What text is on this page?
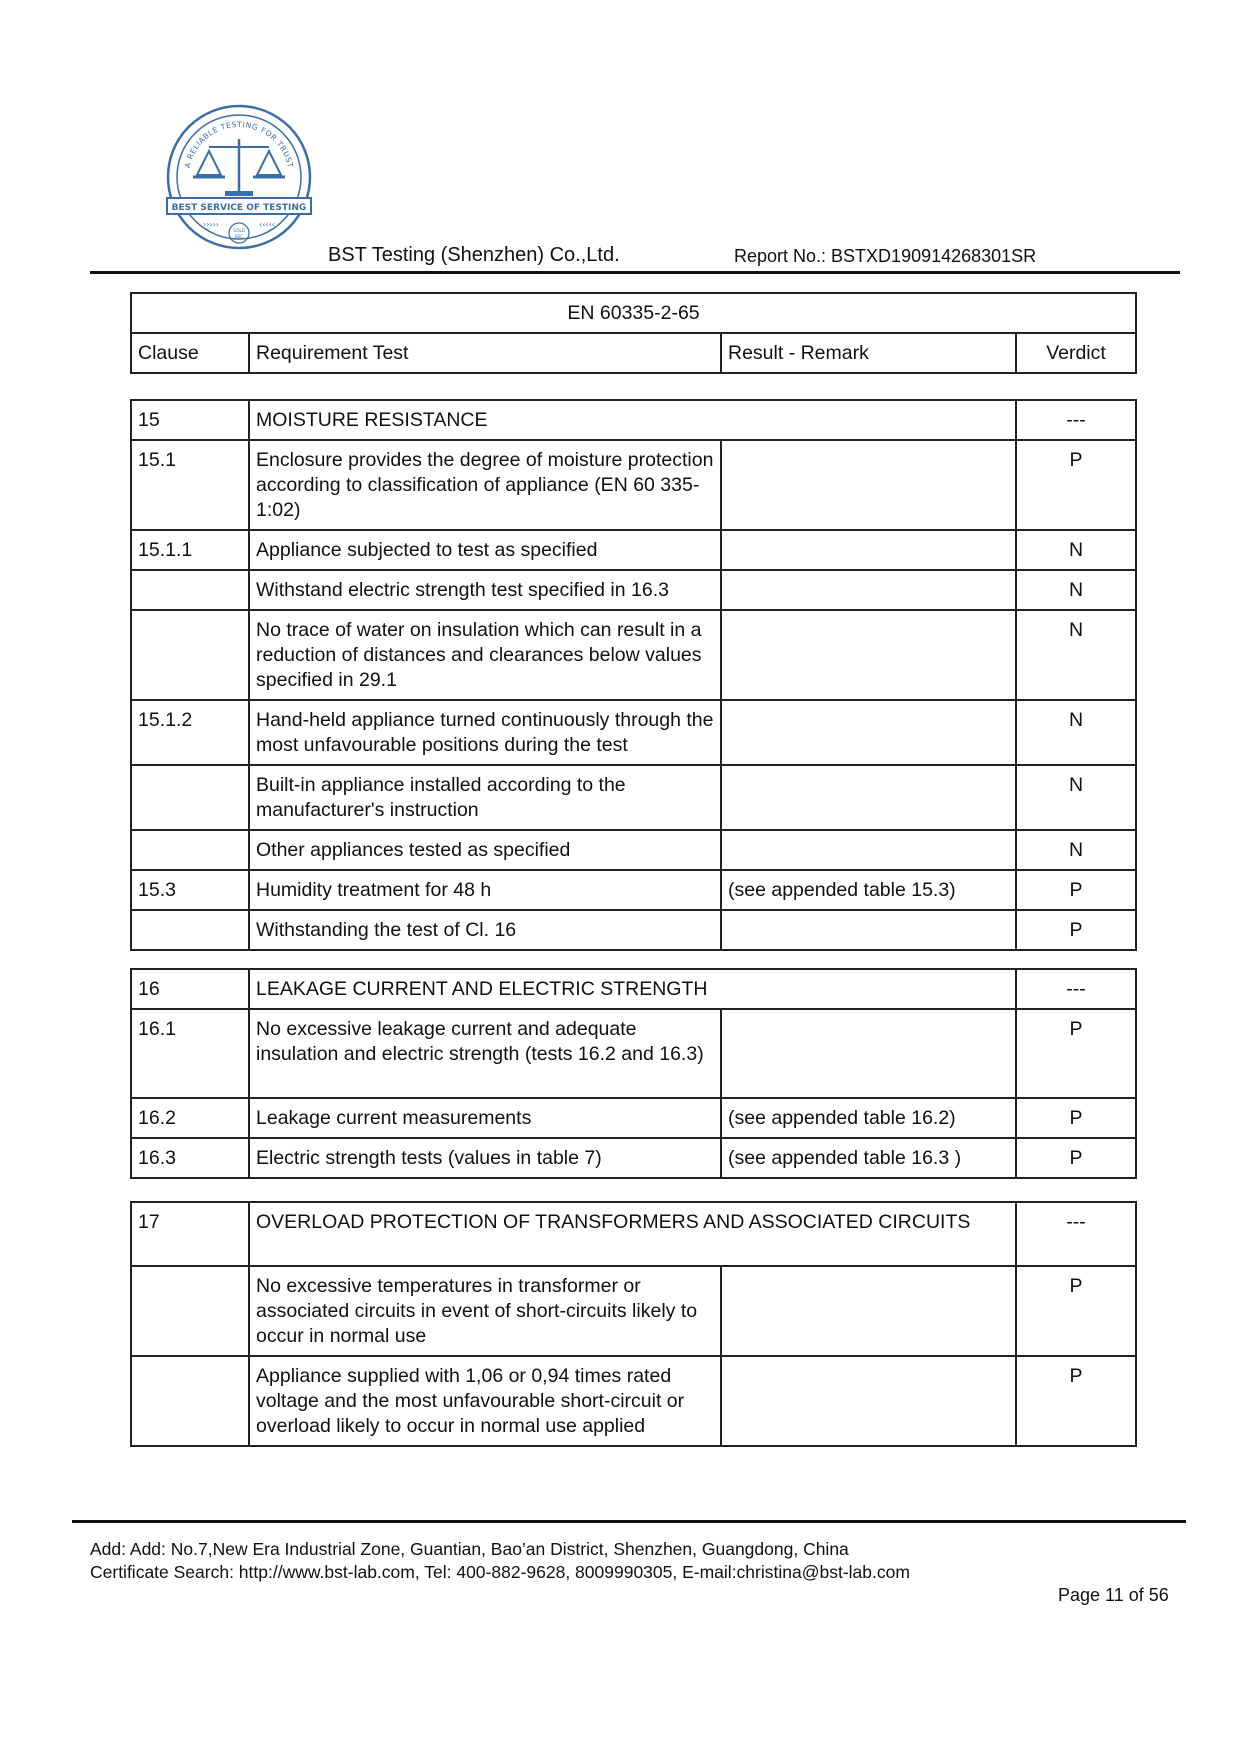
A RELIABLE TESTING FOR TRUST
BEST SERVICE OF TESTING
›››››	‹‹‹‹‹
GOLD
BSC
BST Testing (Shenzhen) Co.,Ltd.	Report No.: BSTXD190914268301SR
EN 60335-2-65
Clause	Requirement Test	Result - Remark	Verdict
15	MOISTURE RESISTANCE		---
15.1	Enclosure provides the degree of moisture protection according to classification of appliance (EN 60 335-1:02)		P
15.1.1	Appliance subjected to test as specified		N
	Withstand electric strength test specified in 16.3		N
	No trace of water on insulation which can result in a reduction of distances and clearances below values specified in 29.1		N
15.1.2	Hand-held appliance turned continuously through the most unfavourable positions during the test		N
	Built-in appliance installed according to the manufacturer's instruction		N
	Other appliances tested as specified		N
15.3	Humidity treatment for 48 h	(see appended table 15.3)	P
	Withstanding the test of Cl. 16		P
16	LEAKAGE CURRENT AND ELECTRIC STRENGTH		---
16.1	No excessive leakage current and adequate insulation and electric strength (tests 16.2 and 16.3)		P
16.2	Leakage current measurements	(see appended table 16.2)	P
16.3	Electric strength tests (values in table 7)	(see appended table 16.3 )	P
17	OVERLOAD PROTECTION OF TRANSFORMERS AND ASSOCIATED CIRCUITS		---
	No excessive temperatures in transformer or associated circuits in event of short-circuits likely to occur in normal use		P
	Appliance supplied with 1,06 or 0,94 times rated voltage and the most unfavourable short-circuit or overload likely to occur in normal use applied		P
Add: Add: No.7,New Era Industrial Zone, Guantian, Bao’an District, Shenzhen, Guangdong, China
Certificate Search: http://www.bst-lab.com, Tel: 400-882-9628, 8009990305, E-mail:christina@bst-lab.com
Page 11 of 56
